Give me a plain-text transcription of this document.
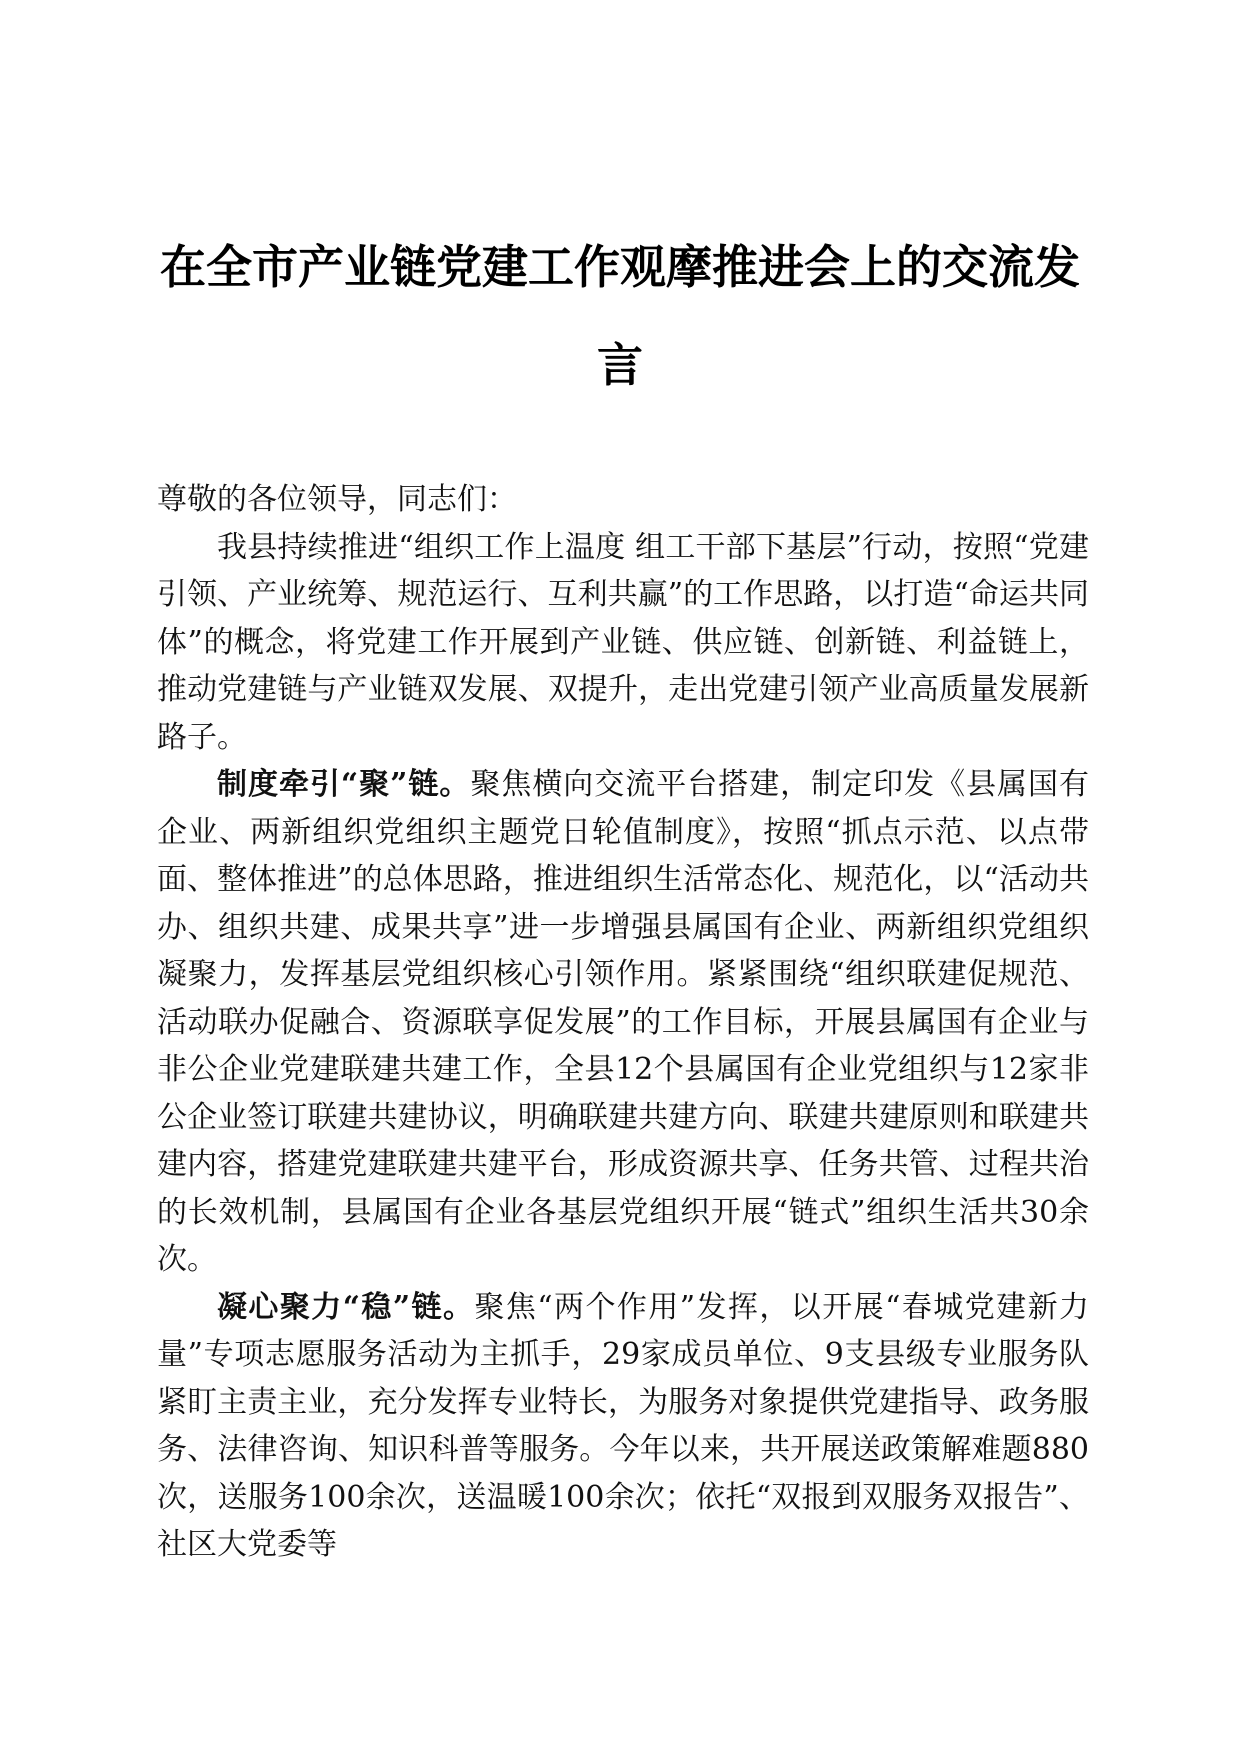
在全市产业链党建工作观摩推进会上的交流发言

尊敬的各位领导，同志们：

我县持续推进“组织工作上温度 组工干部下基层”行动，按照“党建引领、产业统筹、规范运行、互利共赢”的工作思路，以打造“命运共同体”的概念，将党建工作开展到产业链、供应链、创新链、利益链上，推动党建链与产业链双发展、双提升，走出党建引领产业高质量发展新路子。

制度牵引“聚”链。聚焦横向交流平台搭建，制定印发《县属国有企业、两新组织党组织主题党日轮值制度》，按照“抓点示范、以点带面、整体推进”的总体思路，推进组织生活常态化、规范化，以“活动共办、组织共建、成果共享”进一步增强县属国有企业、两新组织党组织凝聚力，发挥基层党组织核心引领作用。紧紧围绕“组织联建促规范、活动联办促融合、资源联享促发展”的工作目标，开展县属国有企业与非公企业党建联建共建工作，全县12个县属国有企业党组织与12家非公企业签订联建共建协议，明确联建共建方向、联建共建原则和联建共建内容，搭建党建联建共建平台，形成资源共享、任务共管、过程共治的长效机制，县属国有企业各基层党组织开展“链式”组织生活共30余次。

凝心聚力“稳”链。聚焦“两个作用”发挥，以开展“春城党建新力量”专项志愿服务活动为主抓手，29家成员单位、9支县级专业服务队紧盯主责主业，充分发挥专业特长，为服务对象提供党建指导、政务服务、法律咨询、知识科普等服务。今年以来，共开展送政策解难题880次，送服务100余次，送温暖100余次；依托“双报到双服务双报告”、社区大党委等
